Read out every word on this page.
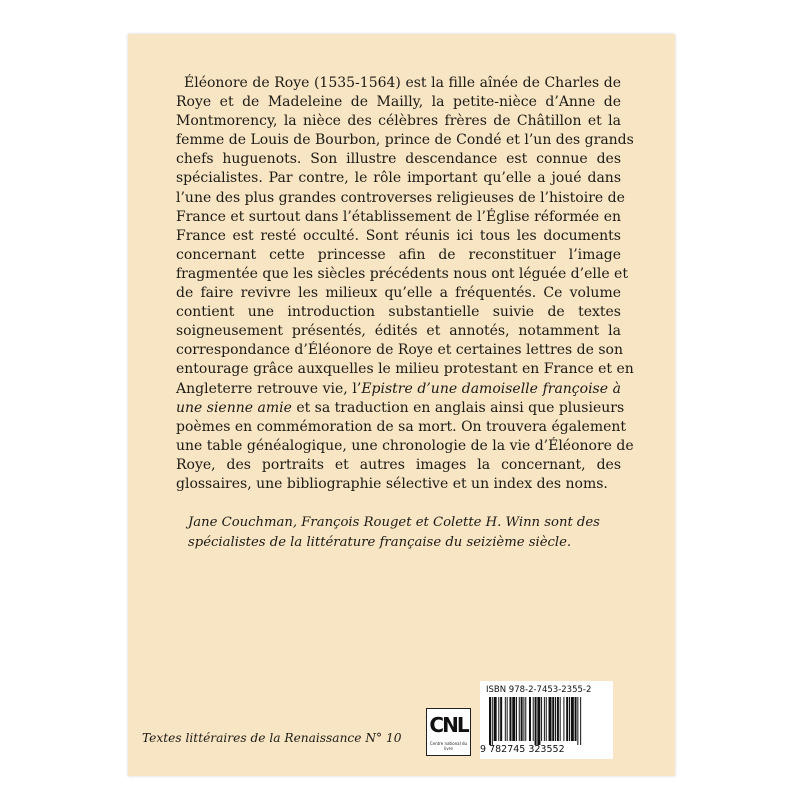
Éléonore de Roye (1535-1564) est la fille aînée de Charles de
Roye et de Madeleine de Mailly, la petite-nièce d’Anne de
Montmorency, la nièce des célèbres frères de Châtillon et la
femme de Louis de Bourbon, prince de Condé et l’un des grands
chefs huguenots. Son illustre descendance est connue des
spécialistes. Par contre, le rôle important qu’elle a joué dans
l’une des plus grandes controverses religieuses de l’histoire de
France et surtout dans l’établissement de l’Église réformée en
France est resté occulté. Sont réunis ici tous les documents
concernant cette princesse afin de reconstituer l’image
fragmentée que les siècles précédents nous ont léguée d’elle et
de faire revivre les milieux qu’elle a fréquentés. Ce volume
contient une introduction substantielle suivie de textes
soigneusement présentés, édités et annotés, notamment la
correspondance d’Éléonore de Roye et certaines lettres de son
entourage grâce auxquelles le milieu protestant en France et en
Angleterre retrouve vie, l’Epistre d’une damoiselle françoise à
une sienne amie et sa traduction en anglais ainsi que plusieurs
poèmes en commémoration de sa mort. On trouvera également
une table généalogique, une chronologie de la vie d’Éléonore de
Roye, des portraits et autres images la concernant, des
glossaires, une bibliographie sélective et un index des noms.
Jane Couchman, François Rouget et Colette H. Winn sont des
spécialistes de la littérature française du seizième siècle.
Textes littéraires de la Renaissance N° 10
CNL
Centre national du livre
ISBN 978-2-7453-2355-2
9 782745 323552
